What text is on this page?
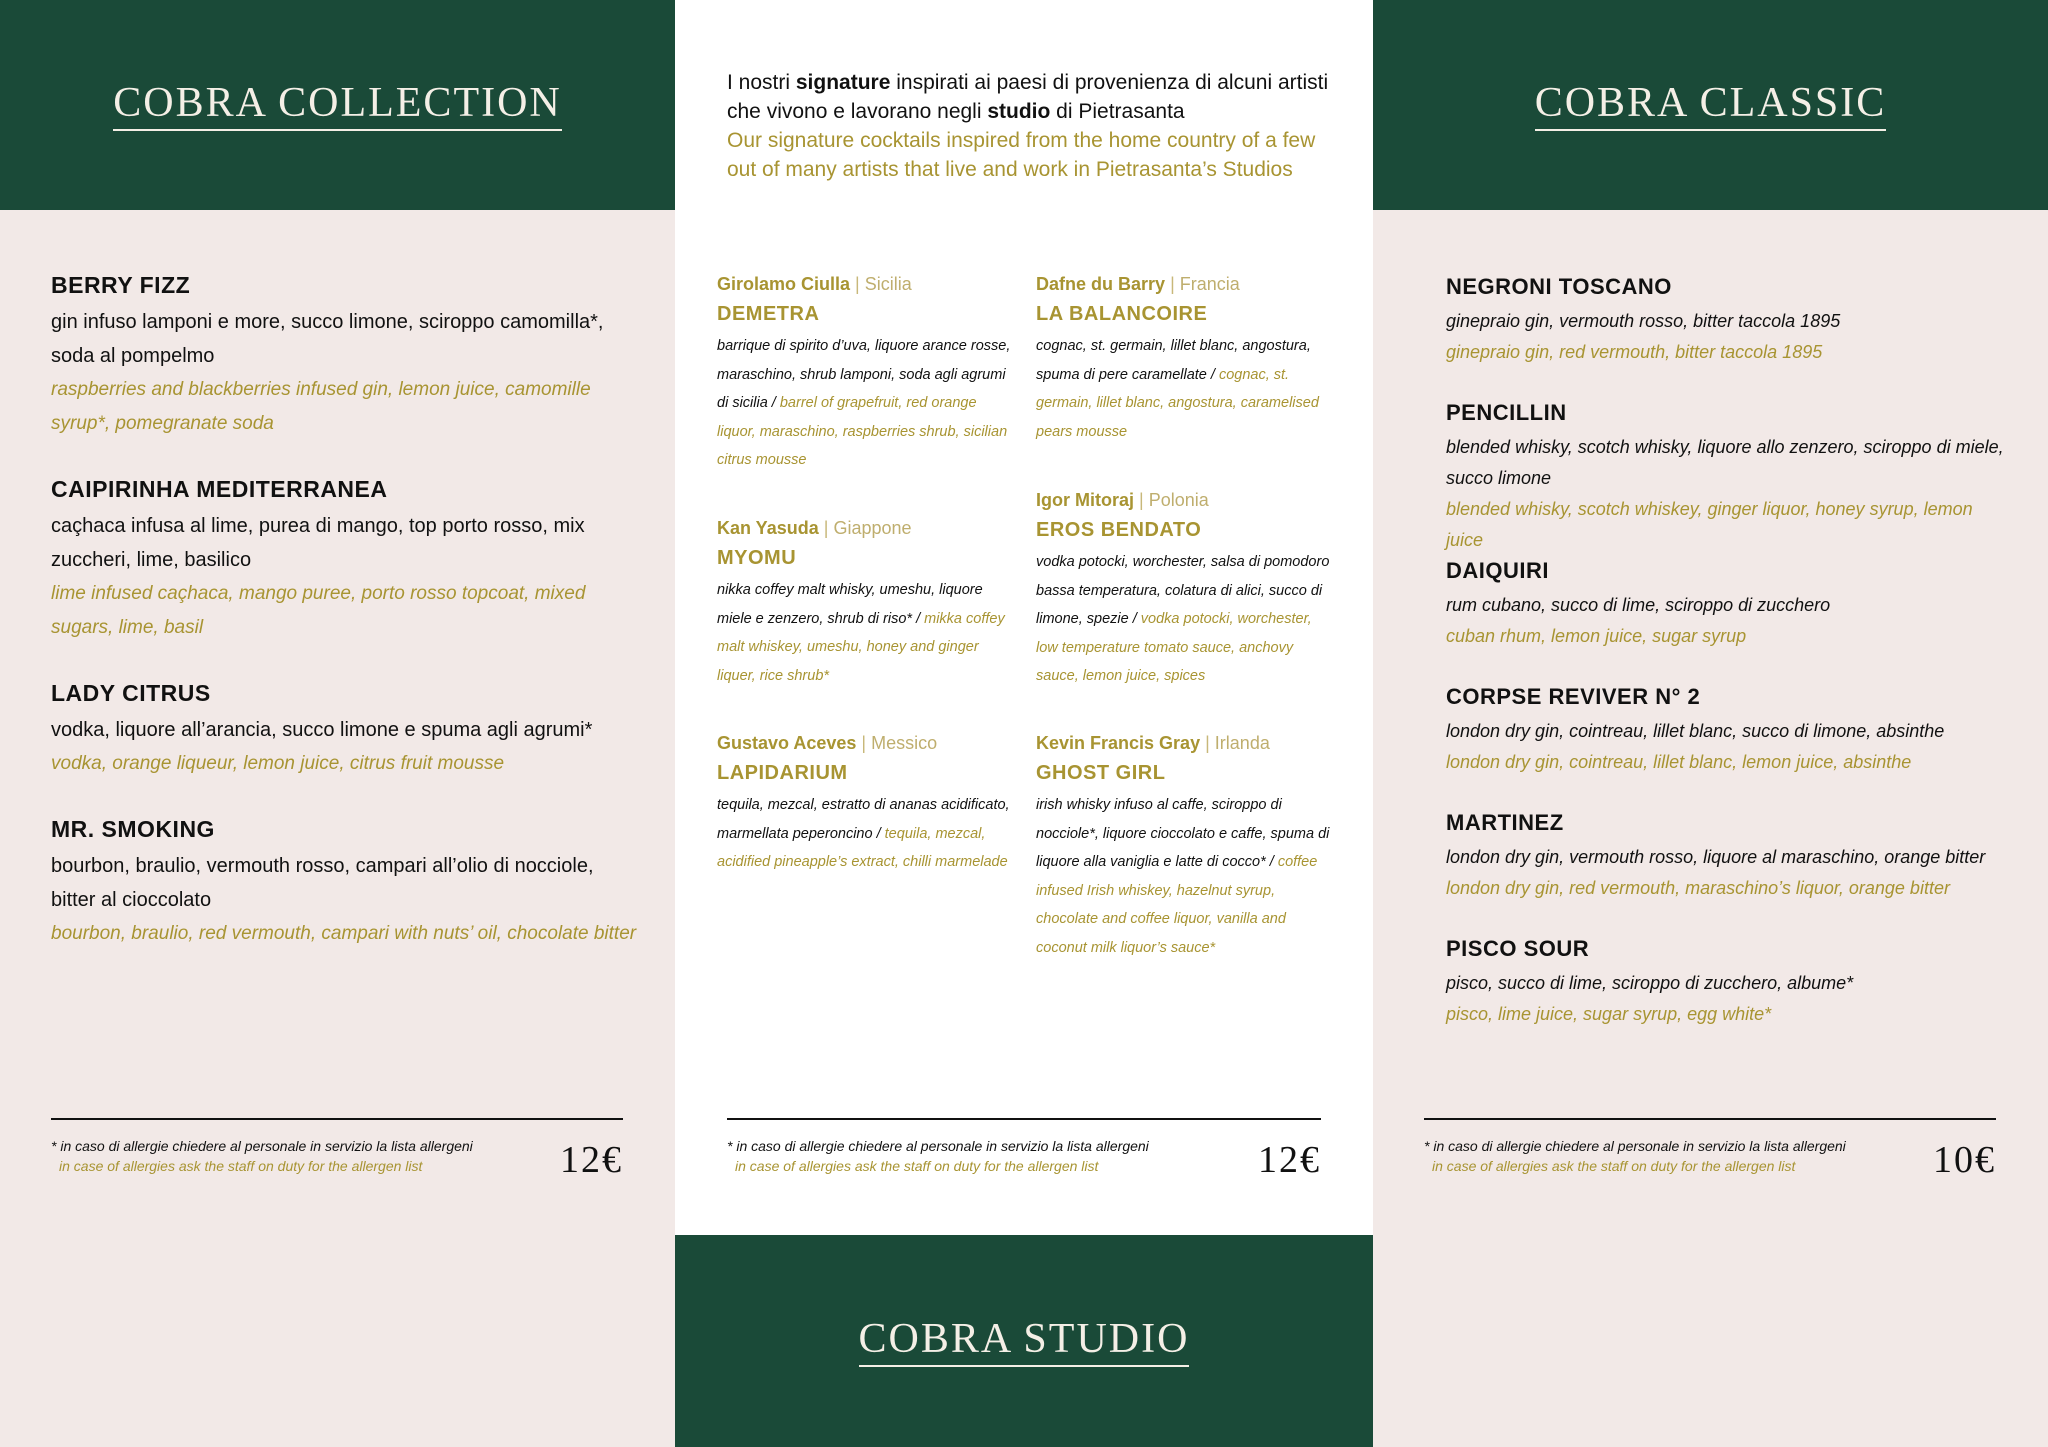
COBRA COLLECTION
BERRY FIZZ
gin infuso lamponi e more, succo limone, sciroppo camomilla*, soda al pompelmo
raspberries and blackberries infused gin, lemon juice, camomille syrup*, pomegranate soda
CAIPIRINHA MEDITERRANEA
caçhaca infusa al lime, purea di mango, top porto rosso, mix zuccheri, lime, basilico
lime infused caçhaca, mango puree, porto rosso topcoat, mixed sugars, lime, basil
LADY CITRUS
vodka, liquore all’arancia, succo limone e spuma agli agrumi*
vodka, orange liqueur, lemon juice, citrus fruit mousse
MR. SMOKING
bourbon, braulio, vermouth rosso, campari all’olio di nocciole, bitter al cioccolato
bourbon, braulio, red vermouth, campari with nuts’ oil, chocolate bitter
* in caso di allergie chiedere al personale in servizio la lista allergeni
in case of allergies ask the staff on duty for the allergen list	12€
I nostri signature inspirati ai paesi di provenienza di alcuni artisti che vivono e lavorano negli studio di Pietrasanta
Our signature cocktails inspired from the home country of a few out of many artists that live and work in Pietrasanta’s Studios
Girolamo Ciulla | Sicilia
DEMETRA
barrique di spirito d’uva, liquore arance rosse, maraschino, shrub lamponi, soda agli agrumi di sicilia / barrel of grapefruit, red orange liquor, maraschino, raspberries shrub, sicilian citrus mousse
Dafne du Barry | Francia
LA BALANCOIRE
cognac, st. germain, lillet blanc, angostura, spuma di pere caramellate / cognac, st. germain, lillet blanc, angostura, caramelised pears mousse
Kan Yasuda | Giappone
MYOMU
nikka coffey malt whisky, umeshu, liquore miele e zenzero, shrub di riso* / mikka coffey malt whiskey, umeshu, honey and ginger liquer, rice shrub*
Igor Mitoraj | Polonia
EROS BENDATO
vodka potocki, worchester, salsa di pomodoro bassa temperatura, colatura di alici, succo di limone, spezie / vodka potocki, worchester, low temperature tomato sauce, anchovy sauce, lemon juice, spices
Gustavo Aceves | Messico
LAPIDARIUM
tequila, mezcal, estratto di ananas acidificato, marmellata peperoncino / tequila, mezcal, acidified pineapple’s extract, chilli marmelade
Kevin Francis Gray | Irlanda
GHOST GIRL
irish whisky infuso al caffe, sciroppo di nocciole*, liquore cioccolato e caffe, spuma di liquore alla vaniglia e latte di cocco* / coffee infused Irish whiskey, hazelnut syrup, chocolate and coffee liquor, vanilla and coconut milk liquor’s sauce*
* in caso di allergie chiedere al personale in servizio la lista allergeni
in case of allergies ask the staff on duty for the allergen list	12€
COBRA STUDIO
COBRA CLASSIC
NEGRONI TOSCANO
ginepraio gin, vermouth rosso, bitter taccola 1895
ginepraio gin, red vermouth, bitter taccola 1895
PENCILLIN
blended whisky, scotch whisky, liquore allo zenzero, sciroppo di miele, succo limone
blended whisky, scotch whiskey, ginger liquor, honey syrup, lemon juice
DAIQUIRI
rum cubano, succo di lime, sciroppo di zucchero
cuban rhum, lemon juice, sugar syrup
CORPSE REVIVER N° 2
london dry gin, cointreau, lillet blanc, succo di limone, absinthe
london dry gin, cointreau, lillet blanc, lemon juice, absinthe
MARTINEZ
london dry gin, vermouth rosso, liquore al maraschino, orange bitter
london dry gin, red vermouth, maraschino’s liquor, orange bitter
PISCO SOUR
pisco, succo di lime, sciroppo di zucchero, albume*
pisco, lime juice, sugar syrup, egg white*
* in caso di allergie chiedere al personale in servizio la lista allergeni
in case of allergies ask the staff on duty for the allergen list	10€
